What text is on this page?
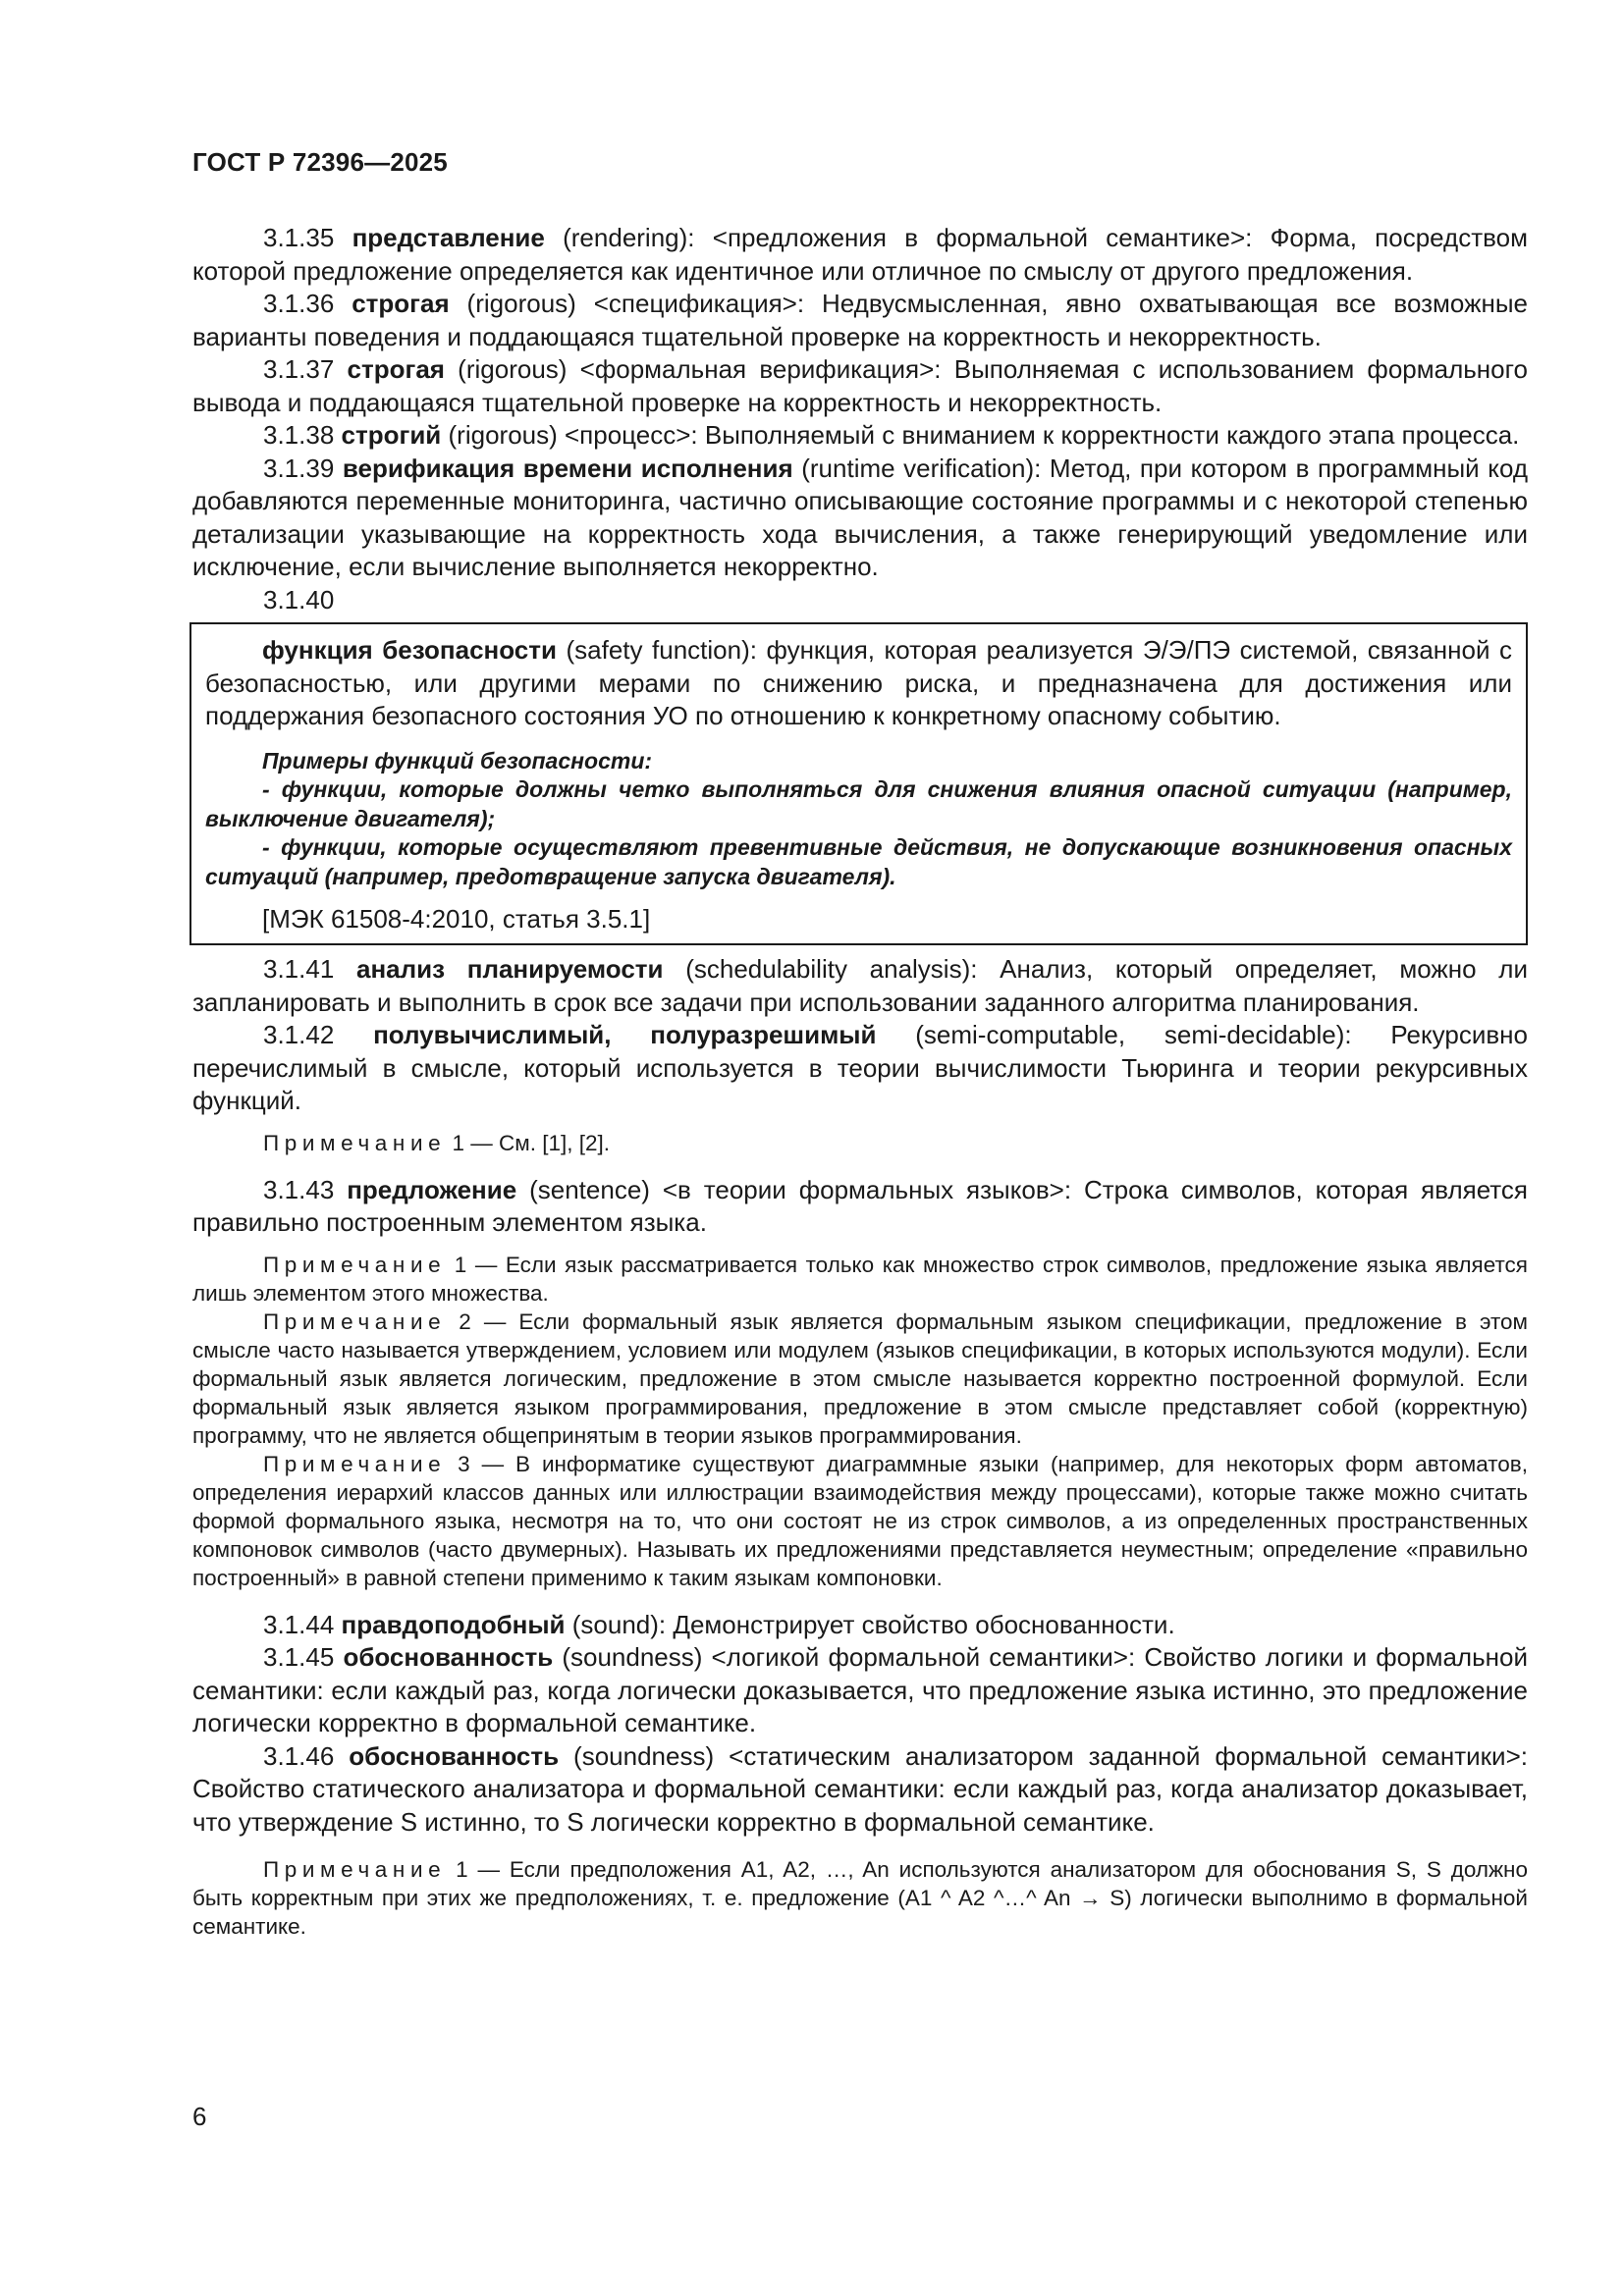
ГОСТ Р 72396—2025

3.1.35 представление (rendering): <предложения в формальной семантике>: Форма, посредством которой предложение определяется как идентичное или отличное по смыслу от другого предложения.

3.1.36 строгая (rigorous) <спецификация>: Недвусмысленная, явно охватывающая все возможные варианты поведения и поддающаяся тщательной проверке на корректность и некорректность.

3.1.37 строгая (rigorous) <формальная верификация>: Выполняемая с использованием формального вывода и поддающаяся тщательной проверке на корректность и некорректность.

3.1.38 строгий (rigorous) <процесс>: Выполняемый с вниманием к корректности каждого этапа процесса.

3.1.39 верификация времени исполнения (runtime verification): Метод, при котором в программный код добавляются переменные мониторинга, частично описывающие состояние программы и с некоторой степенью детализации указывающие на корректность хода вычисления, а также генерирующий уведомление или исключение, если вычисление выполняется некорректно.

3.1.40

функция безопасности (safety function): функция, которая реализуется Э/Э/ПЭ системой, связанной с безопасностью, или другими мерами по снижению риска, и предназначена для достижения или поддержания безопасного состояния УО по отношению к конкретному опасному событию.

Примеры функций безопасности:

- функции, которые должны четко выполняться для снижения влияния опасной ситуации (например, выключение двигателя);

- функции, которые осуществляют превентивные действия, не допускающие возникновения опасных ситуаций (например, предотвращение запуска двигателя).

[МЭК 61508-4:2010, статья 3.5.1]

3.1.41 анализ планируемости (schedulability analysis): Анализ, который определяет, можно ли запланировать и выполнить в срок все задачи при использовании заданного алгоритма планирования.

3.1.42 полувычислимый, полуразрешимый (semi-computable, semi-decidable): Рекурсивно перечислимый в смысле, который используется в теории вычислимости Тьюринга и теории рекурсивных функций.

Примечание 1 — См. [1], [2].

3.1.43 предложение (sentence) <в теории формальных языков>: Строка символов, которая является правильно построенным элементом языка.

Примечание 1 — Если язык рассматривается только как множество строк символов, предложение языка является лишь элементом этого множества.

Примечание 2 — Если формальный язык является формальным языком спецификации, предложение в этом смысле часто называется утверждением, условием или модулем (языков спецификации, в которых используются модули). Если формальный язык является логическим, предложение в этом смысле называется корректно построенной формулой. Если формальный язык является языком программирования, предложение в этом смысле представляет собой (корректную) программу, что не является общепринятым в теории языков программирования.

Примечание 3 — В информатике существуют диаграммные языки (например, для некоторых форм автоматов, определения иерархий классов данных или иллюстрации взаимодействия между процессами), которые также можно считать формой формального языка, несмотря на то, что они состоят не из строк символов, а из определенных пространственных компоновок символов (часто двумерных). Называть их предложениями представляется неуместным; определение «правильно построенный» в равной степени применимо к таким языкам компоновки.

3.1.44 правдоподобный (sound): Демонстрирует свойство обоснованности.

3.1.45 обоснованность (soundness) <логикой формальной семантики>: Свойство логики и формальной семантики: если каждый раз, когда логически доказывается, что предложение языка истинно, это предложение логически корректно в формальной семантике.

3.1.46 обоснованность (soundness) <статическим анализатором заданной формальной семантики>: Свойство статического анализатора и формальной семантики: если каждый раз, когда анализатор доказывает, что утверждение S истинно, то S логически корректно в формальной семантике.

Примечание 1 — Если предположения A1, A2, …, An используются анализатором для обоснования S, S должно быть корректным при этих же предположениях, т. е. предложение (A1 ^ A2 ^…^ An → S) логически выполнимо в формальной семантике.

6
